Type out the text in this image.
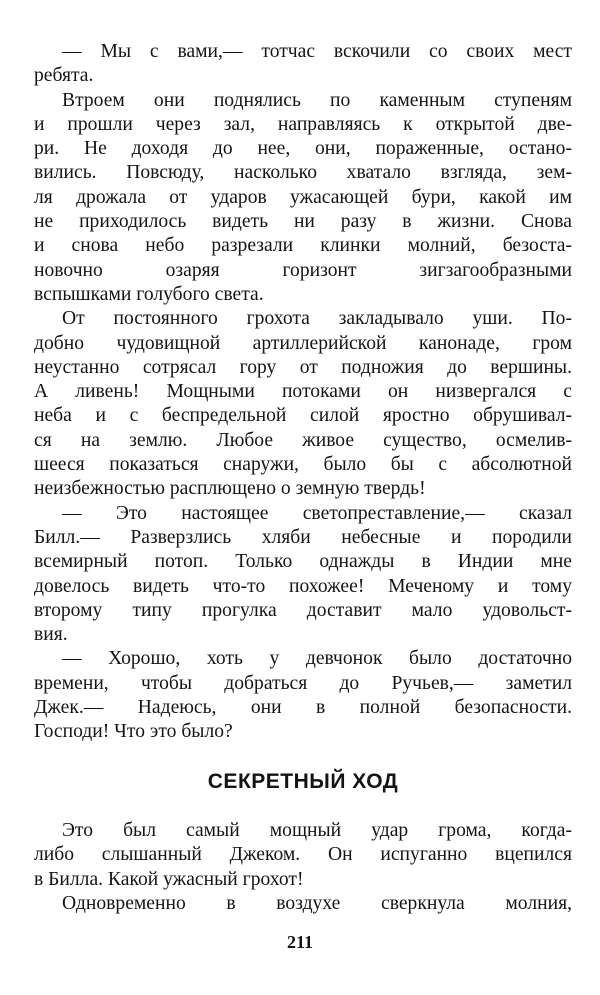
— Мы с вами,— тотчас вскочили со своих мест
ребята.
Втроем они поднялись по каменным ступеням
и прошли через зал, направляясь к открытой две-
ри. Не доходя до нее, они, пораженные, остано-
вились. Повсюду, насколько хватало взгляда, зем-
ля дрожала от ударов ужасающей бури, какой им
не приходилось видеть ни разу в жизни. Снова
и снова небо разрезали клинки молний, безоста-
новочно озаряя горизонт зигзагообразными
вспышками голубого света.
От постоянного грохота закладывало уши. По-
добно чудовищной артиллерийской канонаде, гром
неустанно сотрясал гору от подножия до вершины.
А ливень! Мощными потоками он низвергался с
неба и с беспредельной силой яростно обрушивал-
ся на землю. Любое живое существо, осмелив-
шееся показаться снаружи, было бы с абсолютной
неизбежностью расплющено о земную твердь!
— Это настоящее светопреставление,— сказал
Билл.— Разверзлись хляби небесные и породили
всемирный потоп. Только однажды в Индии мне
довелось видеть что-то похожее! Меченому и тому
второму типу прогулка доставит мало удовольст-
вия.
— Хорошо, хоть у девчонок было достаточно
времени, чтобы добраться до Ручьев,— заметил
Джек.— Надеюсь, они в полной безопасности.
Господи! Что это было?
СЕКРЕТНЫЙ ХОД
Это был самый мощный удар грома, когда-
либо слышанный Джеком. Он испуганно вцепился
в Билла. Какой ужасный грохот!
Одновременно в воздухе сверкнула молния,
211
